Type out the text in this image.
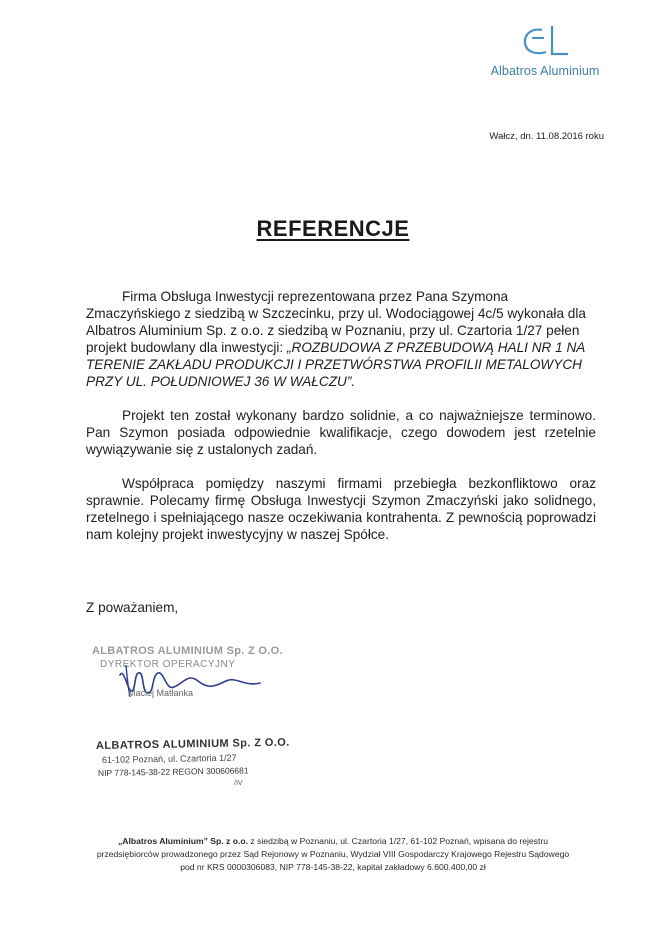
Albatros Aluminium
Wałcz, dn. 11.08.2016 roku
REFERENCJE

Firma Obsługa Inwestycji reprezentowana przez Pana Szymona Zmaczyńskiego z siedzibą w Szczecinku, przy ul. Wodociągowej 4c/5 wykonała dla Albatros Aluminium Sp. z o.o. z siedzibą w Poznaniu, przy ul. Czartoria 1/27 pełen projekt budowlany dla inwestycji: „ROZBUDOWA Z PRZEBUDOWĄ HALI NR 1 NA TERENIE ZAKŁADU PRODUKCJI I PRZETWÓRSTWA PROFILII METALOWYCH PRZY UL. POŁUDNIOWEJ 36 W WAŁCZU”.

Projekt ten został wykonany bardzo solidnie, a co najważniejsze terminowo. Pan Szymon posiada odpowiednie kwalifikacje, czego dowodem jest rzetelnie wywiązywanie się z ustalonych zadań.

Współpraca pomiędzy naszymi firmami przebiegła bezkonfliktowo oraz sprawnie. Polecamy firmę Obsługa Inwestycji Szymon Zmaczyński jako solidnego, rzetelnego i spełniającego nasze oczekiwania kontrahenta. Z pewnością poprowadzi nam kolejny projekt inwestycyjny w naszej Spółce.

Z poważaniem,
ALBATROS ALUMINIUM Sp. Z O.O.
DYREKTOR OPERACYJNY
Maciej Matłanka
ALBATROS ALUMINIUM Sp. Z O.O.
61-102 Poznań, ul. Czartoria 1/27
NIP 778-145-38-22 REGON 300606681
/IV
„Albatros Aluminium” Sp. z o.o. z siedzibą w Poznaniu, ul. Czartoria 1/27, 61-102 Poznań, wpisana do rejestru
przedsiębiorców prowadzonego przez Sąd Rejonowy w Poznaniu, Wydział VIII Gospodarczy Krajowego Rejestru Sądowego
pod nr KRS 0000306083, NIP 778-145-38-22, kapitał zakładowy 6.600.400,00 zł
